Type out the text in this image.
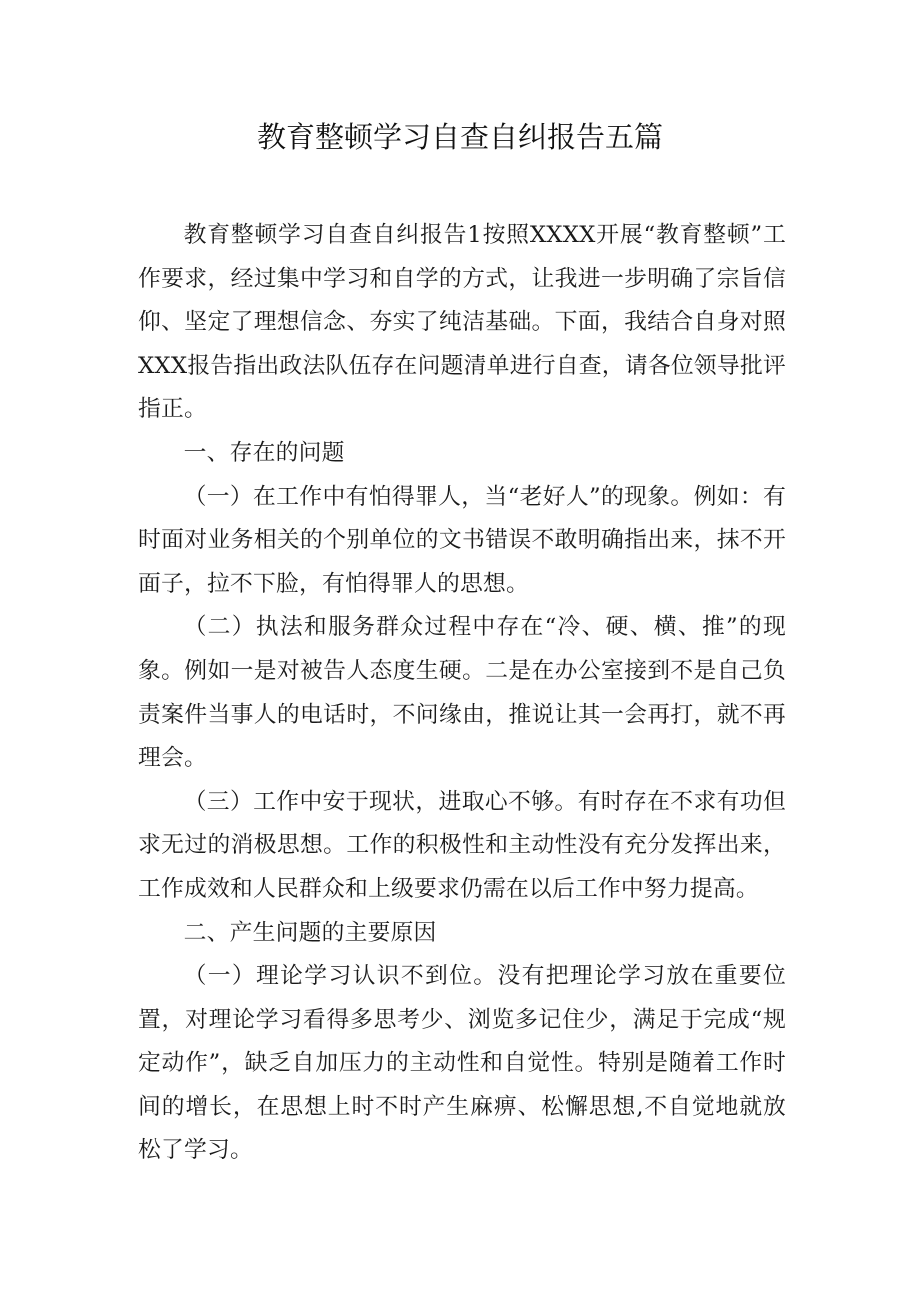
教育整顿学习自查自纠报告五篇

教育整顿学习自查自纠报告1按照XXXX开展“教育整顿”工作要求，经过集中学习和自学的方式，让我进一步明确了宗旨信仰、坚定了理想信念、夯实了纯洁基础。下面，我结合自身对照XXX报告指出政法队伍存在问题清单进行自查，请各位领导批评指正。

一、存在的问题

（一）在工作中有怕得罪人，当“老好人”的现象。例如：有时面对业务相关的个别单位的文书错误不敢明确指出来，抹不开面子，拉不下脸，有怕得罪人的思想。

（二）执法和服务群众过程中存在“冷、硬、横、推”的现象。例如一是对被告人态度生硬。二是在办公室接到不是自己负责案件当事人的电话时，不问缘由，推说让其一会再打，就不再理会。

（三）工作中安于现状，进取心不够。有时存在不求有功但求无过的消极思想。工作的积极性和主动性没有充分发挥出来，工作成效和人民群众和上级要求仍需在以后工作中努力提高。

二、产生问题的主要原因

（一）理论学习认识不到位。没有把理论学习放在重要位置，对理论学习看得多思考少、浏览多记住少，满足于完成“规定动作”，缺乏自加压力的主动性和自觉性。特别是随着工作时间的增长，在思想上时不时产生麻痹、松懈思想,不自觉地就放松了学习。
